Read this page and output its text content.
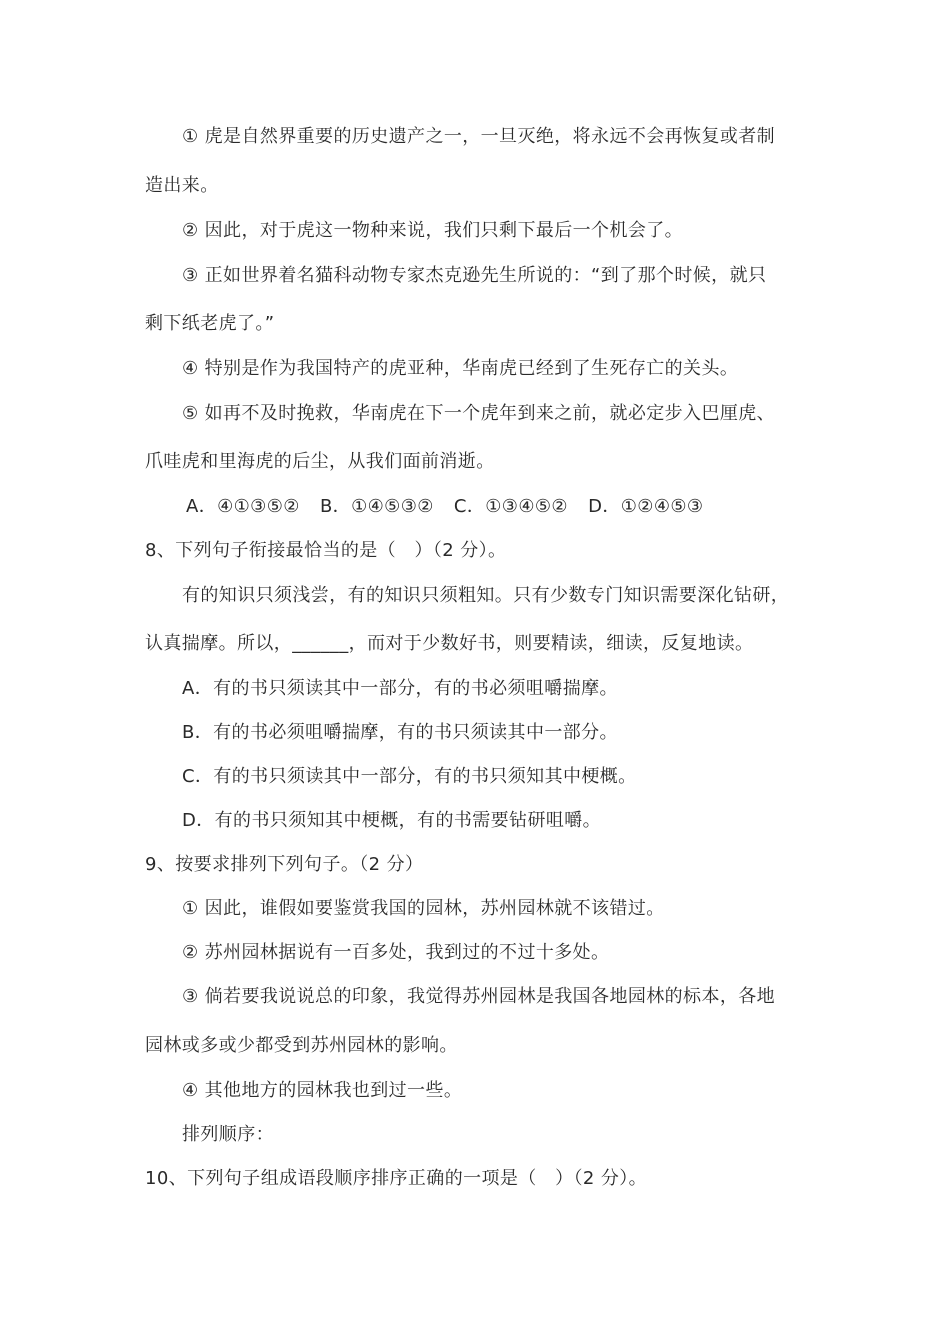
① 虎是自然界重要的历史遗产之一，一旦灭绝，将永远不会再恢复或者制
造出来。
② 因此，对于虎这一物种来说，我们只剩下最后一个机会了。
③ 正如世界着名猫科动物专家杰克逊先生所说的：“到了那个时候，就只
剩下纸老虎了。”
④ 特别是作为我国特产的虎亚种，华南虎已经到了生死存亡的关头。
⑤ 如再不及时挽救，华南虎在下一个虎年到来之前，就必定步入巴厘虎、
爪哇虎和里海虎的后尘，从我们面前消逝。
A．④①③⑤② B．①④⑤③② C．①③④⑤② D．①②④⑤③
8、下列句子衔接最恰当的是（　）（2 分）。
有的知识只须浅尝，有的知识只须粗知。只有少数专门知识需要深化钻研，
认真揣摩。所以，______，而对于少数好书，则要精读，细读，反复地读。
A．有的书只须读其中一部分，有的书必须咀嚼揣摩。
B．有的书必须咀嚼揣摩，有的书只须读其中一部分。
C．有的书只须读其中一部分，有的书只须知其中梗概。
D．有的书只须知其中梗概，有的书需要钻研咀嚼。
9、按要求排列下列句子。（2 分）
① 因此，谁假如要鉴赏我国的园林，苏州园林就不该错过。
② 苏州园林据说有一百多处，我到过的不过十多处。
③ 倘若要我说说总的印象，我觉得苏州园林是我国各地园林的标本，各地
园林或多或少都受到苏州园林的影响。
④ 其他地方的园林我也到过一些。
排列顺序：
10、下列句子组成语段顺序排序正确的一项是（　）（2 分）。
